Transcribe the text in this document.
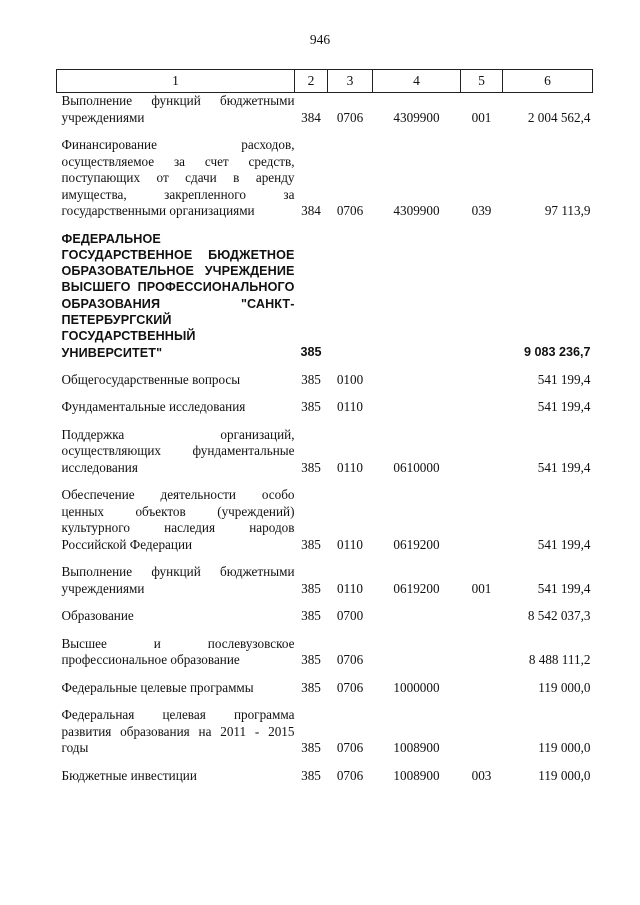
946
1	2	3	4	5	6
Выполнение функций бюджетными учреждениями	384	0706	4309900	001	2 004 562,4

Финансирование расходов, осуществляемое за счет средств, поступающих от сдачи в аренду имущества, закрепленного за государственными организациями	384	0706	4309900	039	97 113,9

ФЕДЕРАЛЬНОЕ ГОСУДАРСТВЕННОЕ БЮДЖЕТНОЕ ОБРАЗОВАТЕЛЬНОЕ УЧРЕЖДЕНИЕ ВЫСШЕГО ПРОФЕССИОНАЛЬНОГО ОБРАЗОВАНИЯ "САНКТ-ПЕТЕРБУРГСКИЙ ГОСУДАРСТВЕННЫЙ УНИВЕРСИТЕТ"	385				9 083 236,7

Общегосударственные вопросы	385	0100			541 199,4

Фундаментальные исследования	385	0110			541 199,4

Поддержка организаций, осуществляющих фундаментальные исследования	385	0110	0610000		541 199,4

Обеспечение деятельности особо ценных объектов (учреждений) культурного наследия народов Российской Федерации	385	0110	0619200		541 199,4

Выполнение функций бюджетными учреждениями	385	0110	0619200	001	541 199,4

Образование	385	0700			8 542 037,3

Высшее и послевузовское профессиональное образование	385	0706			8 488 111,2

Федеральные целевые программы	385	0706	1000000		119 000,0

Федеральная целевая программа развития образования на 2011 - 2015 годы	385	0706	1008900		119 000,0

Бюджетные инвестиции	385	0706	1008900	003	119 000,0
